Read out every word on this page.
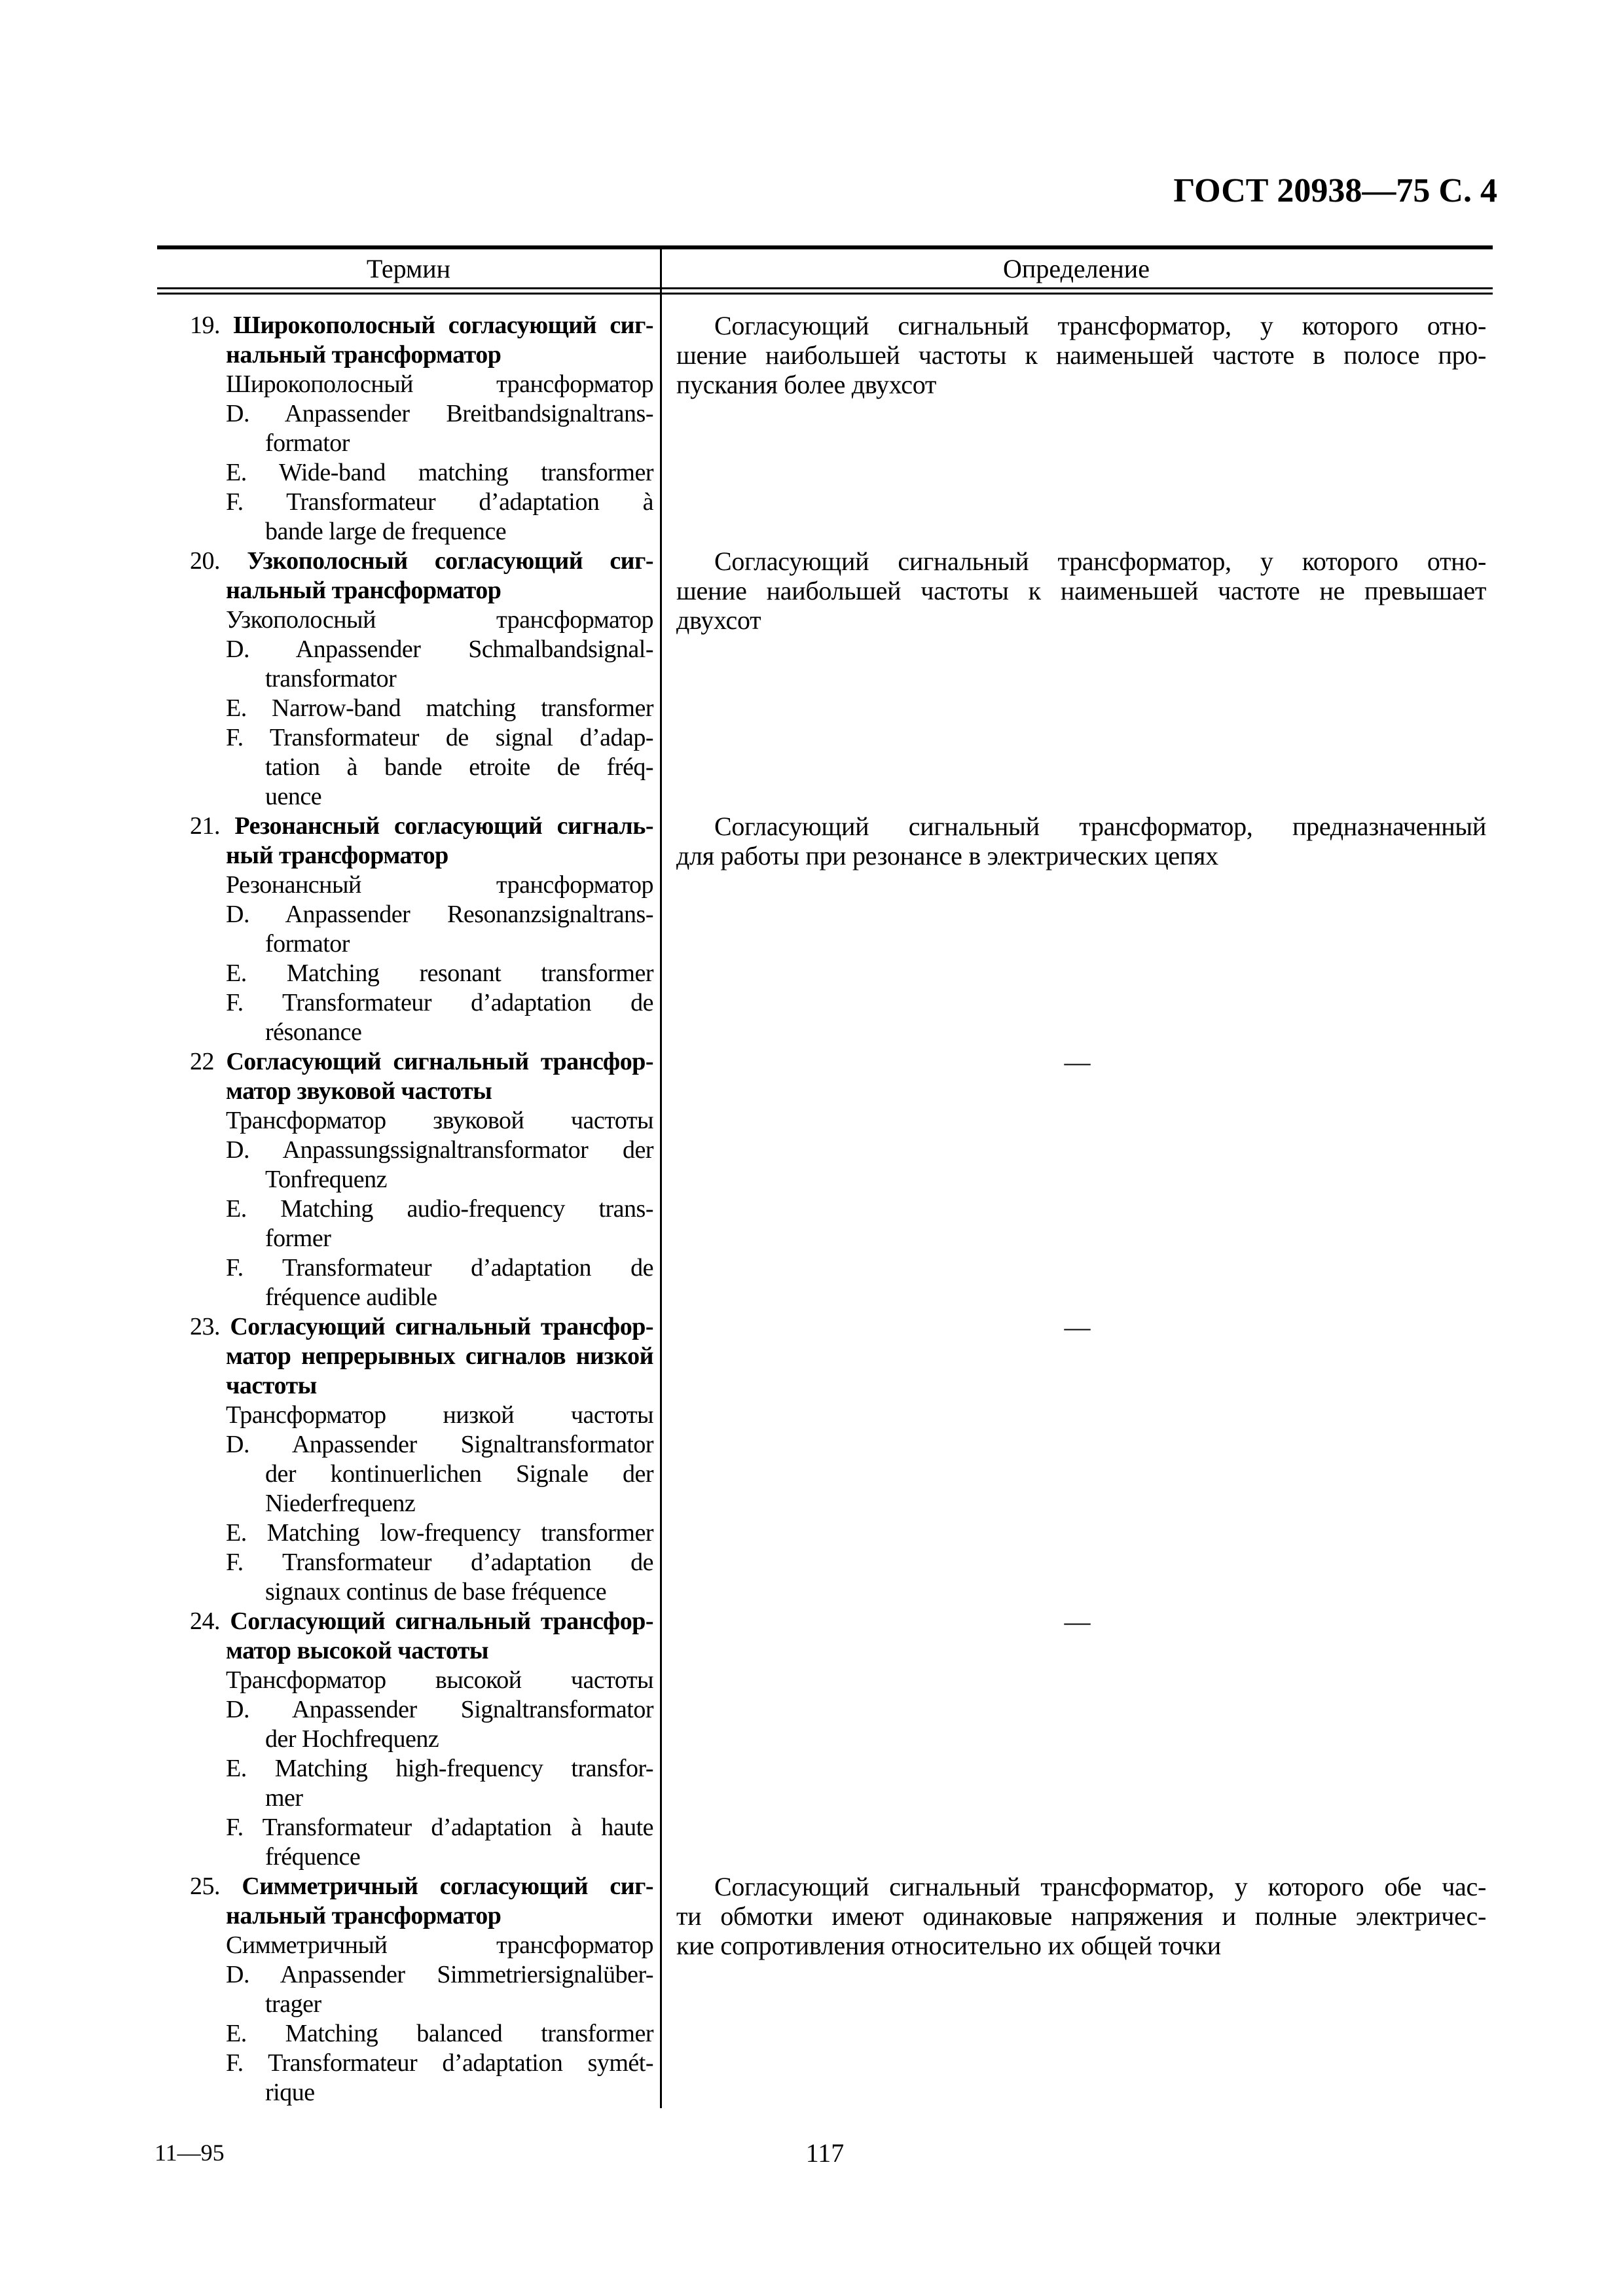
ГОСТ 20938—75 С. 4
Термин	Определение
19. Широкополосный согласующий сиг-
нальный трансформатор
Широкополосный трансформатор
D. Anpassender Breitbandsignaltrans-
formator
E. Wide-band matching transformer
F. Transformateur d’adaptation à
bande large de frequence
20. Узкополосный согласующий сиг-
нальный трансформатор
Узкополосный трансформатор
D. Anpassender Schmalbandsignal-
transformator
E. Narrow-band matching transformer
F. Transformateur de signal d’adap-
tation à bande etroite de fréq-
uence
21. Резонансный согласующий сигналь-
ный трансформатор
Резонансный трансформатор
D. Anpassender Resonanzsignaltrans-
formator
E. Matching resonant transformer
F. Transformateur d’adaptation de
résonance
22 Согласующий сигнальный трансфор-
матор звуковой частоты
Трансформатор звуковой частоты
D. Anpassungssignaltransformator der
Tonfrequenz
E. Matching audio-frequency trans-
former
F. Transformateur d’adaptation de
fréquence audible
23. Согласующий сигнальный трансфор-
матор непрерывных сигналов низкой
частоты
Трансформатор низкой частоты
D. Anpassender Signaltransformator
der kontinuerlichen Signale der
Niederfrequenz
E. Matching low-frequency transformer
F. Transformateur d’adaptation de
signaux continus de base fréquence
24. Согласующий сигнальный трансфор-
матор высокой частоты
Трансформатор высокой частоты
D. Anpassender Signaltransformator
der Hochfrequenz
E. Matching high-frequency transfor-
mer
F. Transformateur d’adaptation à haute
fréquence
25. Симметричный согласующий сиг-
нальный трансформатор
Симметричный трансформатор
D. Anpassender Simmetriersignalüber-
trager
E. Matching balanced transformer
F. Transformateur d’adaptation symét-
rique
Согласующий сигнальный трансформатор, у которого отно-
шение наибольшей частоты к наименьшей частоте в полосе про-
пускания более двухсот
Согласующий сигнальный трансформатор, у которого отно-
шение наибольшей частоты к наименьшей частоте не превышает
двухсот
Согласующий сигнальный трансформатор, предназначенный
для работы при резонансе в электрических цепях
—
—
—
Согласующий сигнальный трансформатор, у которого обе час-
ти обмотки имеют одинаковые напряжения и полные электричес-
кие сопротивления относительно их общей точки
11—95	117
